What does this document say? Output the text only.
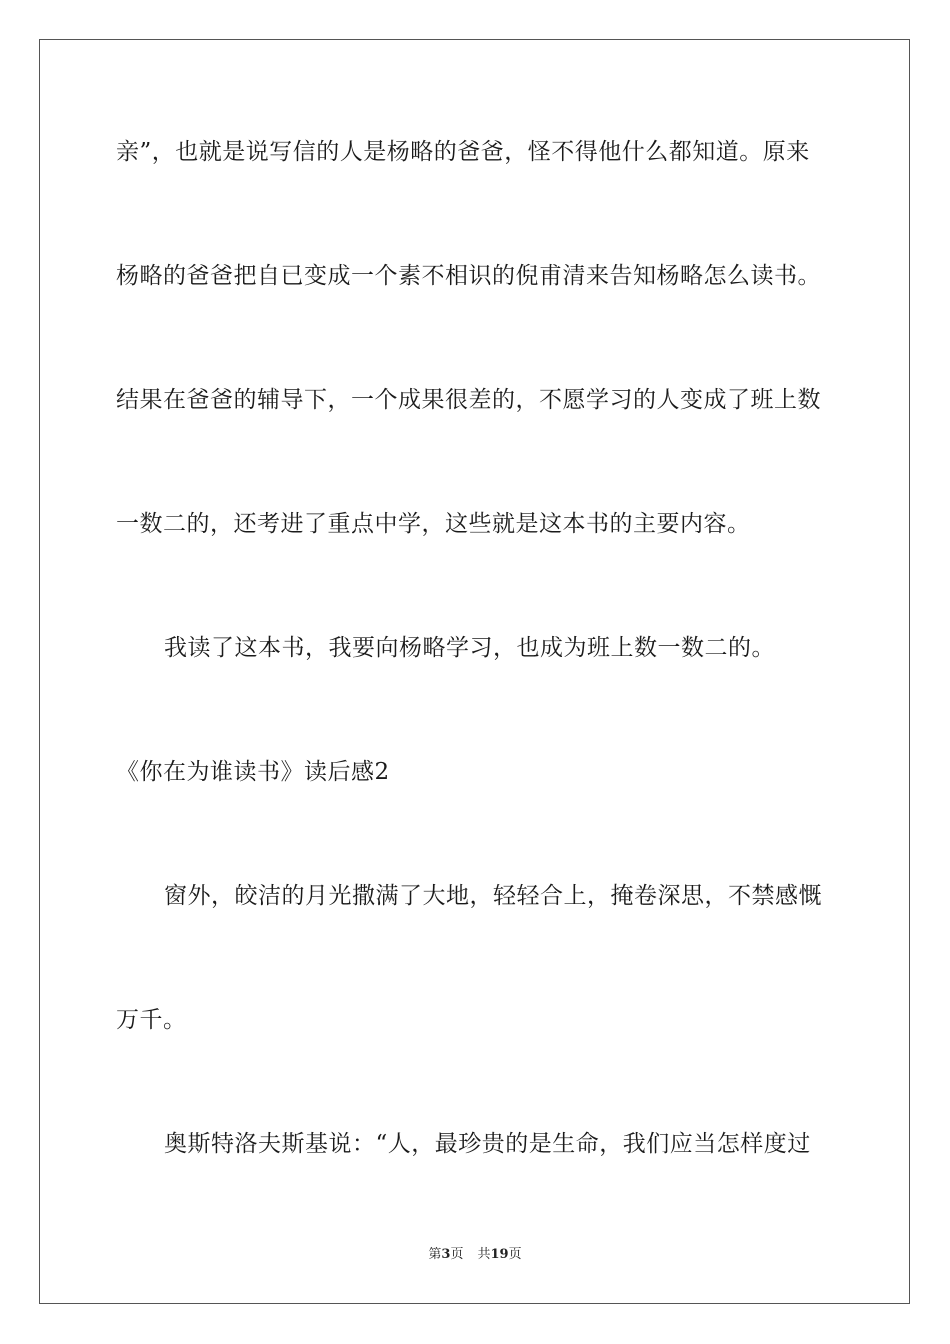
亲”，也就是说写信的人是杨略的爸爸，怪不得他什么都知道。原来
杨略的爸爸把自已变成一个素不相识的倪甫清来告知杨略怎么读书。
结果在爸爸的辅导下，一个成果很差的，不愿学习的人变成了班上数
一数二的，还考进了重点中学，这些就是这本书的主要内容。
我读了这本书，我要向杨略学习，也成为班上数一数二的。
《你在为谁读书》读后感2
窗外，皎洁的月光撒满了大地，轻轻合上，掩卷深思，不禁感慨
万千。
奥斯特洛夫斯基说：“人，最珍贵的是生命，我们应当怎样度过
第3页 共19页
